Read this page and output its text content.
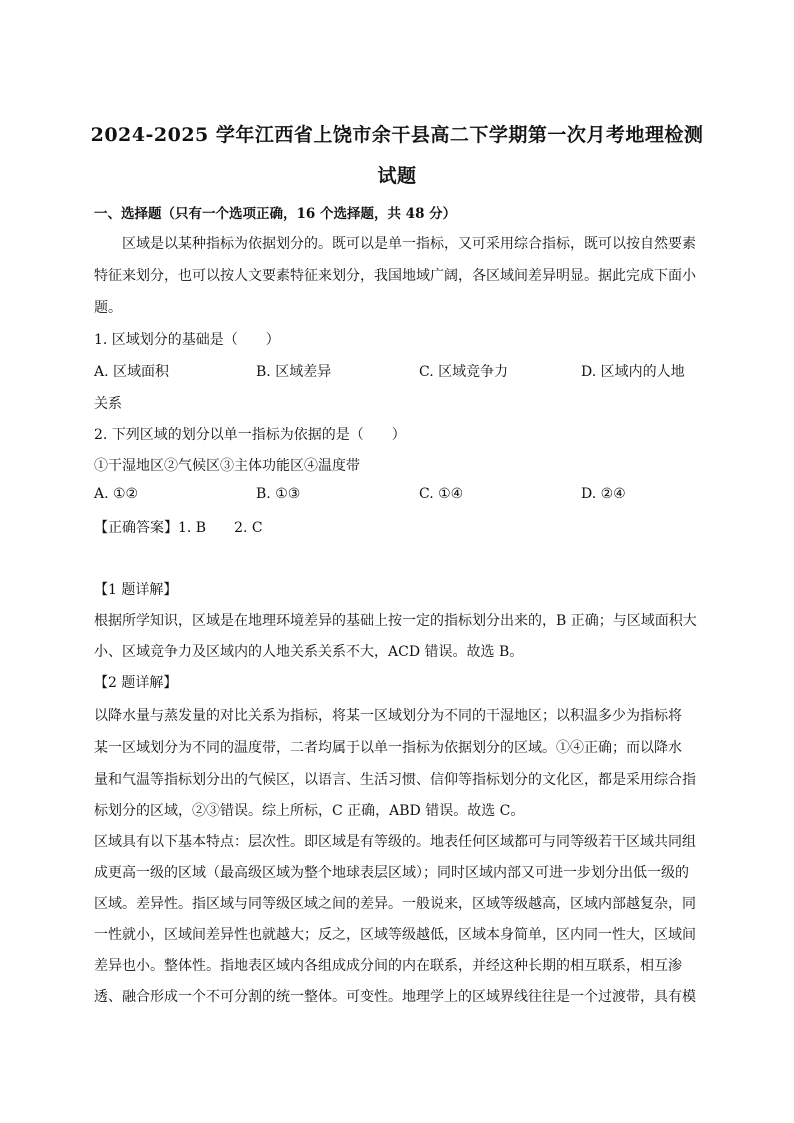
2024-2025 学年江西省上饶市余干县高二下学期第一次月考地理检测
试题
一、选择题（只有一个选项正确，16 个选择题，共 48 分）
区域是以某种指标为依据划分的。既可以是单一指标，又可采用综合指标，既可以按自然要素
特征来划分，也可以按人文要素特征来划分，我国地域广阔，各区域间差异明显。据此完成下面小
题。
1. 区域划分的基础是（　　）
A. 区域面积	B. 区域差异	C. 区域竞争力	D. 区域内的人地
关系
2. 下列区域的划分以单一指标为依据的是（　　）
①干湿地区②气候区③主体功能区④温度带
A. ①②	B. ①③	C. ①④	D. ②④
【正确答案】1. B　　2. C
【1 题详解】
根据所学知识，区域是在地理环境差异的基础上按一定的指标划分出来的，B 正确；与区域面积大
小、区域竞争力及区域内的人地关系关系不大，ACD 错误。故选 B。
【2 题详解】
以降水量与蒸发量的对比关系为指标，将某一区域划分为不同的干湿地区；以积温多少为指标将
某一区域划分为不同的温度带，二者均属于以单一指标为依据划分的区域。①④正确；而以降水
量和气温等指标划分出的气候区，以语言、生活习惯、信仰等指标划分的文化区，都是采用综合指
标划分的区域，②③错误。综上所标，C 正确，ABD 错误。故选 C。
区域具有以下基本特点：层次性。即区域是有等级的。地表任何区域都可与同等级若干区域共同组
成更高一级的区域（最高级区域为整个地球表层区域）；同时区域内部又可进一步划分出低一级的
区域。差异性。指区域与同等级区域之间的差异。一般说来，区域等级越高，区域内部越复杂，同
一性就小，区域间差异性也就越大；反之，区域等级越低，区域本身简单，区内同一性大，区域间
差异也小。整体性。指地表区域内各组成成分间的内在联系，并经这种长期的相互联系，相互渗
透、融合形成一个不可分割的统一整体。可变性。地理学上的区域界线往往是一个过渡带，具有模
